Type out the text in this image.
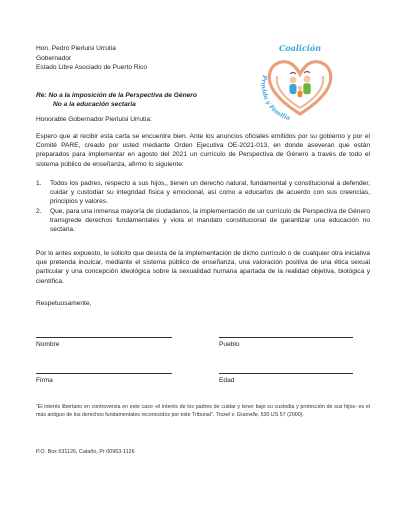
Hon. Pedro Pierluisi Urrutia
Gobernador
Estado Libre Asociado de Puerto Rico
Coalición
Provida y Familia
Re: No a la imposición de la Perspectiva de Género
No a la educación sectaria
Honorable Gobernador Pierluisi Urrutia:
Espero que al recibir esta carta se encuentre bien. Ante los anuncios oficiales emitidos por su gobierno y por el Comité PARE, creado por usted mediante Orden Ejecutiva OE-2021-013, en donde aseveran que están preparados para implementar en agosto del 2021 un currículo de Perspectiva de Género a través de todo el sistema público de enseñanza, afirmo lo siguiente:
1.	Todos los padres, respecto a sus hijos,, tienen un derecho natural, fundamental y constitucional a defender, cuidar y custodiar su integridad física y emocional, así como a educarlos de acuerdo con sus creencias, principios y valores.
2.	Que, para una inmensa mayoría de ciudadanos, la implementación de un currículo de Perspectiva de Género transgrede derechos fundamentales y viola el mandato constitucional de garantizar una educación no sectaria.
Por lo antes expuesto, le solicito que desista de la implementación de dicho currículo o de cualquier otra iniciativa que pretenda inculcar, mediante el sistema público de enseñanza, una valoración positiva de una ética sexual particular y una concepción ideológica sobre la sexualidad humana apartada de la realidad objetiva, biológica y científica.
Respetuosamente,
Nombre	Pueblo
Firma	Edad
"El interés libertario en controversia en este caso -el interés de los padres de cuidar y tener bajo su custodia y protección de sus hijos- es el más antiguo de los derechos fundamentales reconocidos por este Tribunal". Troxel v. Granville, 530 US 57 (2000).
P.O. Box 631126, Cataño, Pr 00963-1126
